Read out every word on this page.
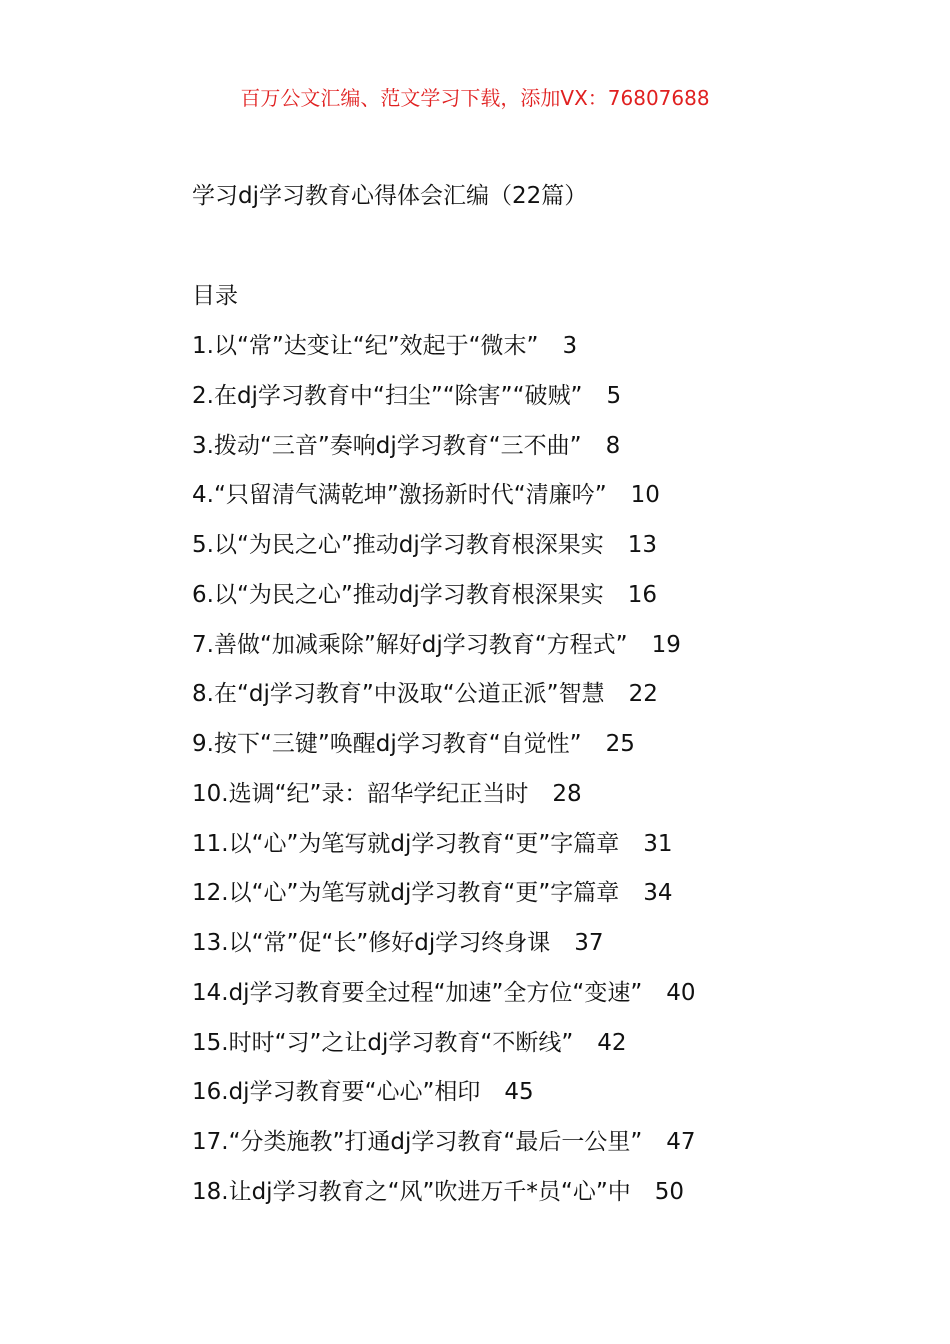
百万公文汇编、范文学习下载，添加VX：76807688
学习dj学习教育心得体会汇编（22篇）
目录
1.以“常”达变让“纪”效起于“微末” 3
2.在dj学习教育中“扫尘”“除害”“破贼” 5
3.拨动“三音”奏响dj学习教育“三不曲” 8
4.“只留清气满乾坤”激扬新时代“清廉吟” 10
5.以“为民之心”推动dj学习教育根深果实 13
6.以“为民之心”推动dj学习教育根深果实 16
7.善做“加减乘除”解好dj学习教育“方程式” 19
8.在“dj学习教育”中汲取“公道正派”智慧 22
9.按下“三键”唤醒dj学习教育“自觉性” 25
10.选调“纪”录：韶华学纪正当时 28
11.以“心”为笔写就dj学习教育“更”字篇章 31
12.以“心”为笔写就dj学习教育“更”字篇章 34
13.以“常”促“长”修好dj学习终身课 37
14.dj学习教育要全过程“加速”全方位“变速” 40
15.时时“习”之让dj学习教育“不断线” 42
16.dj学习教育要“心心”相印 45
17.“分类施教”打通dj学习教育“最后一公里” 47
18.让dj学习教育之“风”吹进万千*员“心”中 50
